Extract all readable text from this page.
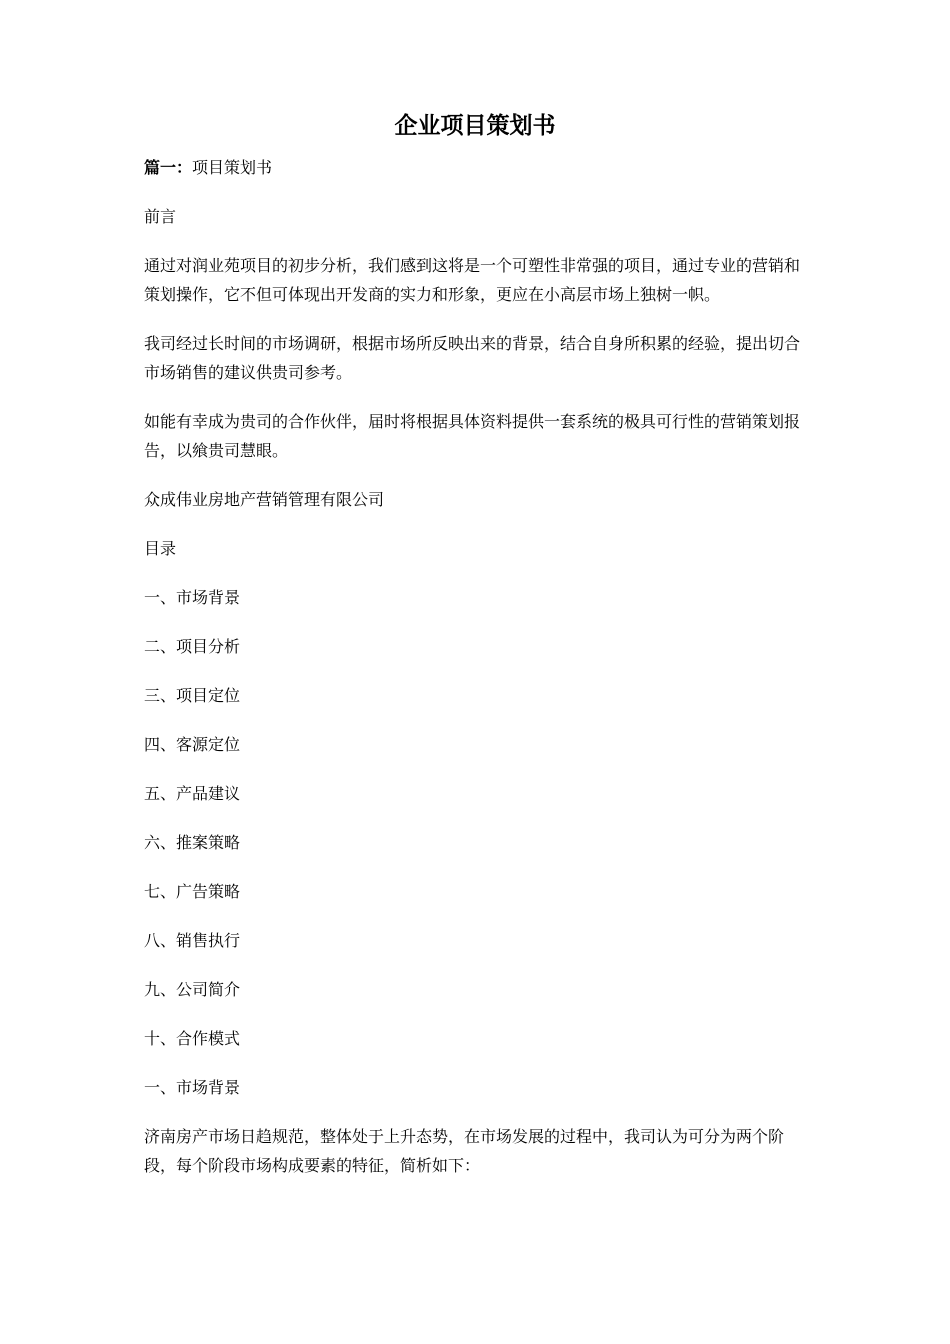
企业项目策划书

篇一：项目策划书

前言

通过对润业苑项目的初步分析，我们感到这将是一个可塑性非常强的项目，通过专业的营销和策划操作，它不但可体现出开发商的实力和形象，更应在小高层市场上独树一帜。

我司经过长时间的市场调研，根据市场所反映出来的背景，结合自身所积累的经验，提出切合市场销售的建议供贵司参考。

如能有幸成为贵司的合作伙伴，届时将根据具体资料提供一套系统的极具可行性的营销策划报告，以飨贵司慧眼。

众成伟业房地产营销管理有限公司

目录

一、市场背景

二、项目分析

三、项目定位

四、客源定位

五、产品建议

六、推案策略

七、广告策略

八、销售执行

九、公司简介

十、合作模式

一、市场背景

济南房产市场日趋规范，整体处于上升态势，在市场发展的过程中，我司认为可分为两个阶段，每个阶段市场构成要素的特征，简析如下：
